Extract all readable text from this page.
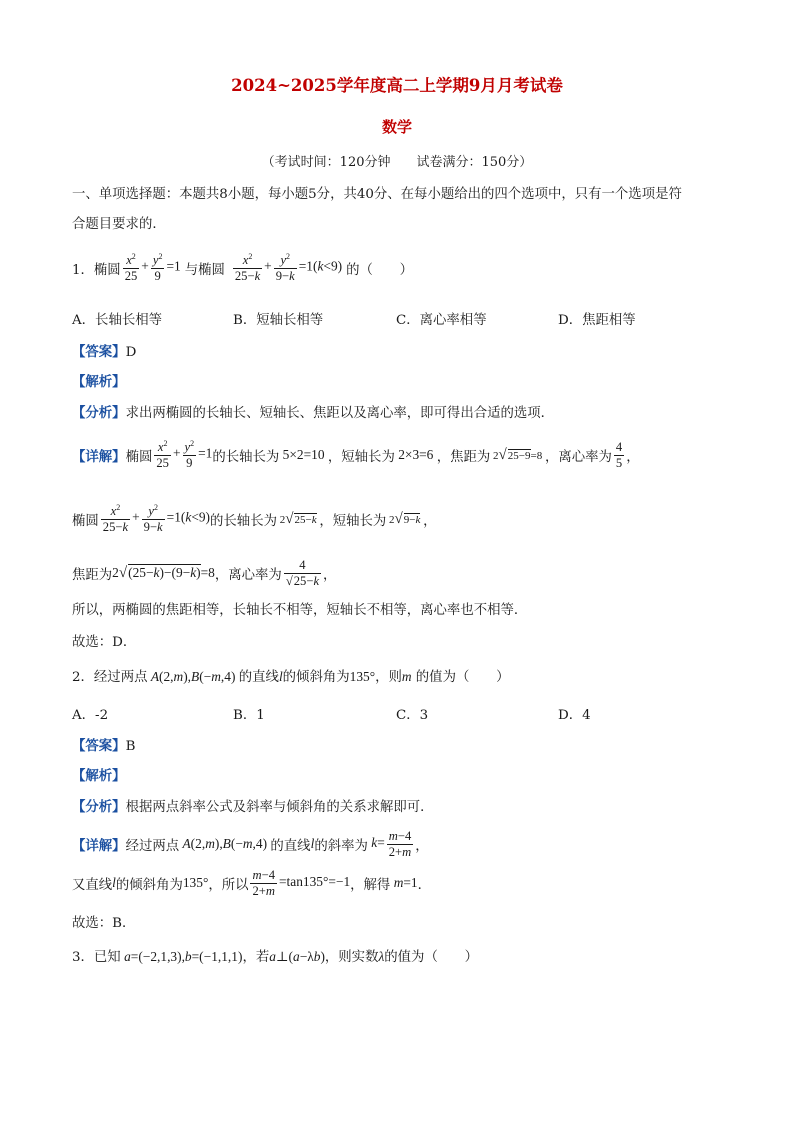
2024~2025学年度高二上学期9月月考试卷
数学
（考试时间：120分钟　　试卷满分：150分）
一、单项选择题：本题共8小题，每小题5分，共40分、在每小题给出的四个选项中，只有一个选项是符
合题目要求的．
1．椭圆 $\frac{x^2}{25} + \frac{y^2}{9} =1$ 与椭圆 $\frac{x^2}{25-k} + \frac{y^2}{9-k} =1(k<9)$ 的（　　）
A．长轴长相等	B．短轴长相等	C．离心率相等	D．焦距相等
【答案】D
【解析】
【分析】求出两椭圆的长轴长、短轴长、焦距以及离心率，即可得出合适的选项．
【详解】 椭圆 $\frac{x^2}{25} + \frac{y^2}{9} =1$ 的长轴长为 5×2=10 ，短轴长为 2×3=6 ，焦距为 2√25−9=8 ，离心率为 $\frac{4}{5}$ ，
椭圆 $\frac{x^2}{25-k} + \frac{y^2}{9-k} =1(k<9)$ 的长轴长为 2√25−k ，短轴长为 2√9−k ，
焦距为 2√(25−k)−(9−k)=8 ，离心率为 $\frac{4}{√25-k}$ ，
所以，两椭圆的焦距相等，长轴长不相等，短轴长不相等，离心率也不相等．
故选：D．
2．经过两点 A(2,m),B(−m,4) 的直线l的倾斜角为135°，则m 的值为（　　）
A．-2	B．1	C．3	D．4
【答案】B
【解析】
【分析】根据两点斜率公式及斜率与倾斜角的关系求解即可．
【详解】 经过两点 A(2,m),B(−m,4) 的直线 l 的斜率为 $k= \frac{m-4}{2+m}$ ，
又直线 l 的倾斜角为 135° ，所以 $\frac{m-4}{2+m} =\tan 135^\circ=-1$ ，解得 m=1 ．
故选：B．
3．已知 a=(−2,1,3),b=(−1,1,1)，若a⊥(a−λb)，则实数λ的值为（　　）
